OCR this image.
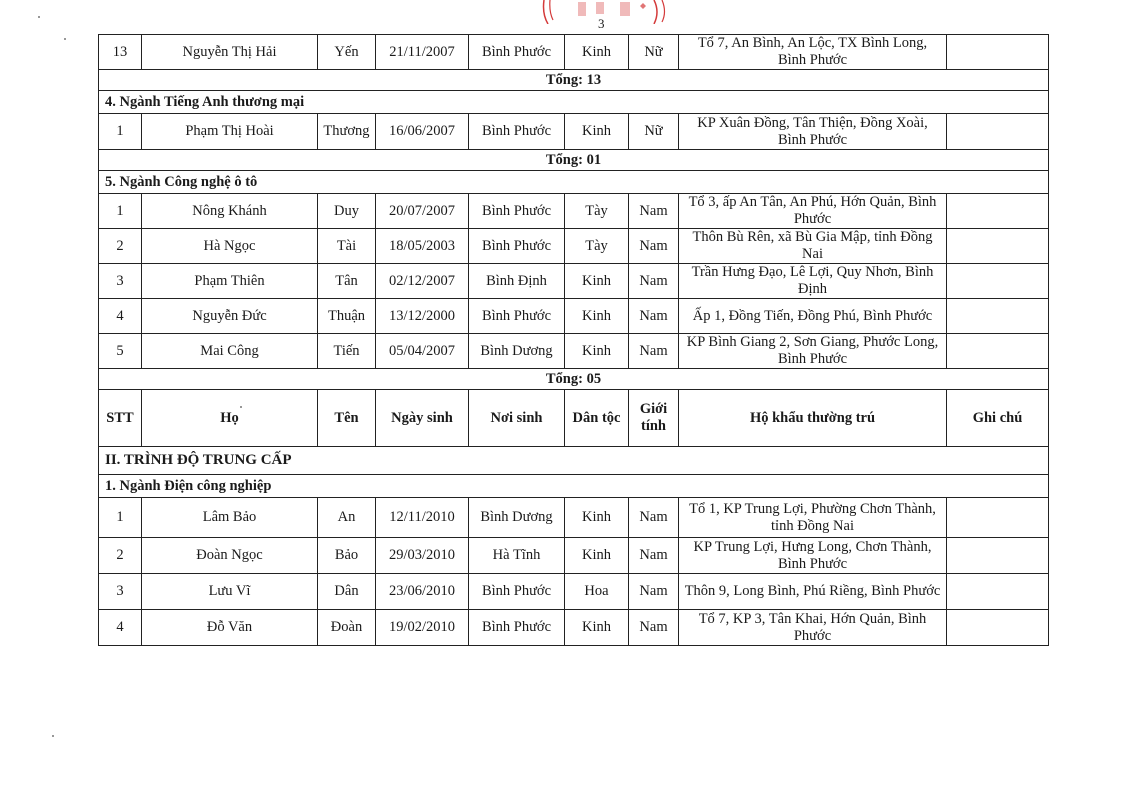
3
13	Nguyễn Thị Hải	Yến	21/11/2007	Bình Phước	Kinh	Nữ	Tổ 7, An Bình, An Lộc, TX Bình Long, Bình Phước	
Tổng: 13								
4. Ngành Tiếng Anh thương mại								
1	Phạm Thị Hoài	Thương	16/06/2007	Bình Phước	Kinh	Nữ	KP Xuân Đồng, Tân Thiện, Đồng Xoài, Bình Phước	
Tổng: 01								
5. Ngành Công nghệ ô tô								
1	Nông Khánh	Duy	20/07/2007	Bình Phước	Tày	Nam	Tổ 3, ấp An Tân, An Phú, Hớn Quản, Bình Phước	
2	Hà Ngọc	Tài	18/05/2003	Bình Phước	Tày	Nam	Thôn Bù Rên, xã Bù Gia Mập, tỉnh Đồng Nai	
3	Phạm Thiên	Tân	02/12/2007	Bình Định	Kinh	Nam	Trần Hưng Đạo, Lê Lợi, Quy Nhơn, Bình Định	
4	Nguyễn Đức	Thuận	13/12/2000	Bình Phước	Kinh	Nam	Ấp 1, Đồng Tiến, Đồng Phú, Bình Phước	
5	Mai Công	Tiến	05/04/2007	Bình Dương	Kinh	Nam	KP Bình Giang 2, Sơn Giang, Phước Long, Bình Phước	
Tổng: 05								
STT	Họ	Tên	Ngày sinh	Nơi sinh	Dân tộc	Giới tính	Hộ khẩu thường trú	Ghi chú
II. TRÌNH ĐỘ TRUNG CẤP								
1. Ngành Điện công nghiệp								
1	Lâm Bảo	An	12/11/2010	Bình Dương	Kinh	Nam	Tổ 1, KP Trung Lợi, Phường Chơn Thành, tỉnh Đồng Nai	
2	Đoàn Ngọc	Bảo	29/03/2010	Hà Tĩnh	Kinh	Nam	KP Trung Lợi, Hưng Long, Chơn Thành, Bình Phước	
3	Lưu Vĩ	Dân	23/06/2010	Bình Phước	Hoa	Nam	Thôn 9, Long Bình, Phú Riềng, Bình Phước	
4	Đỗ Văn	Đoàn	19/02/2010	Bình Phước	Kinh	Nam	Tổ 7, KP 3, Tân Khai, Hớn Quản, Bình Phước	
